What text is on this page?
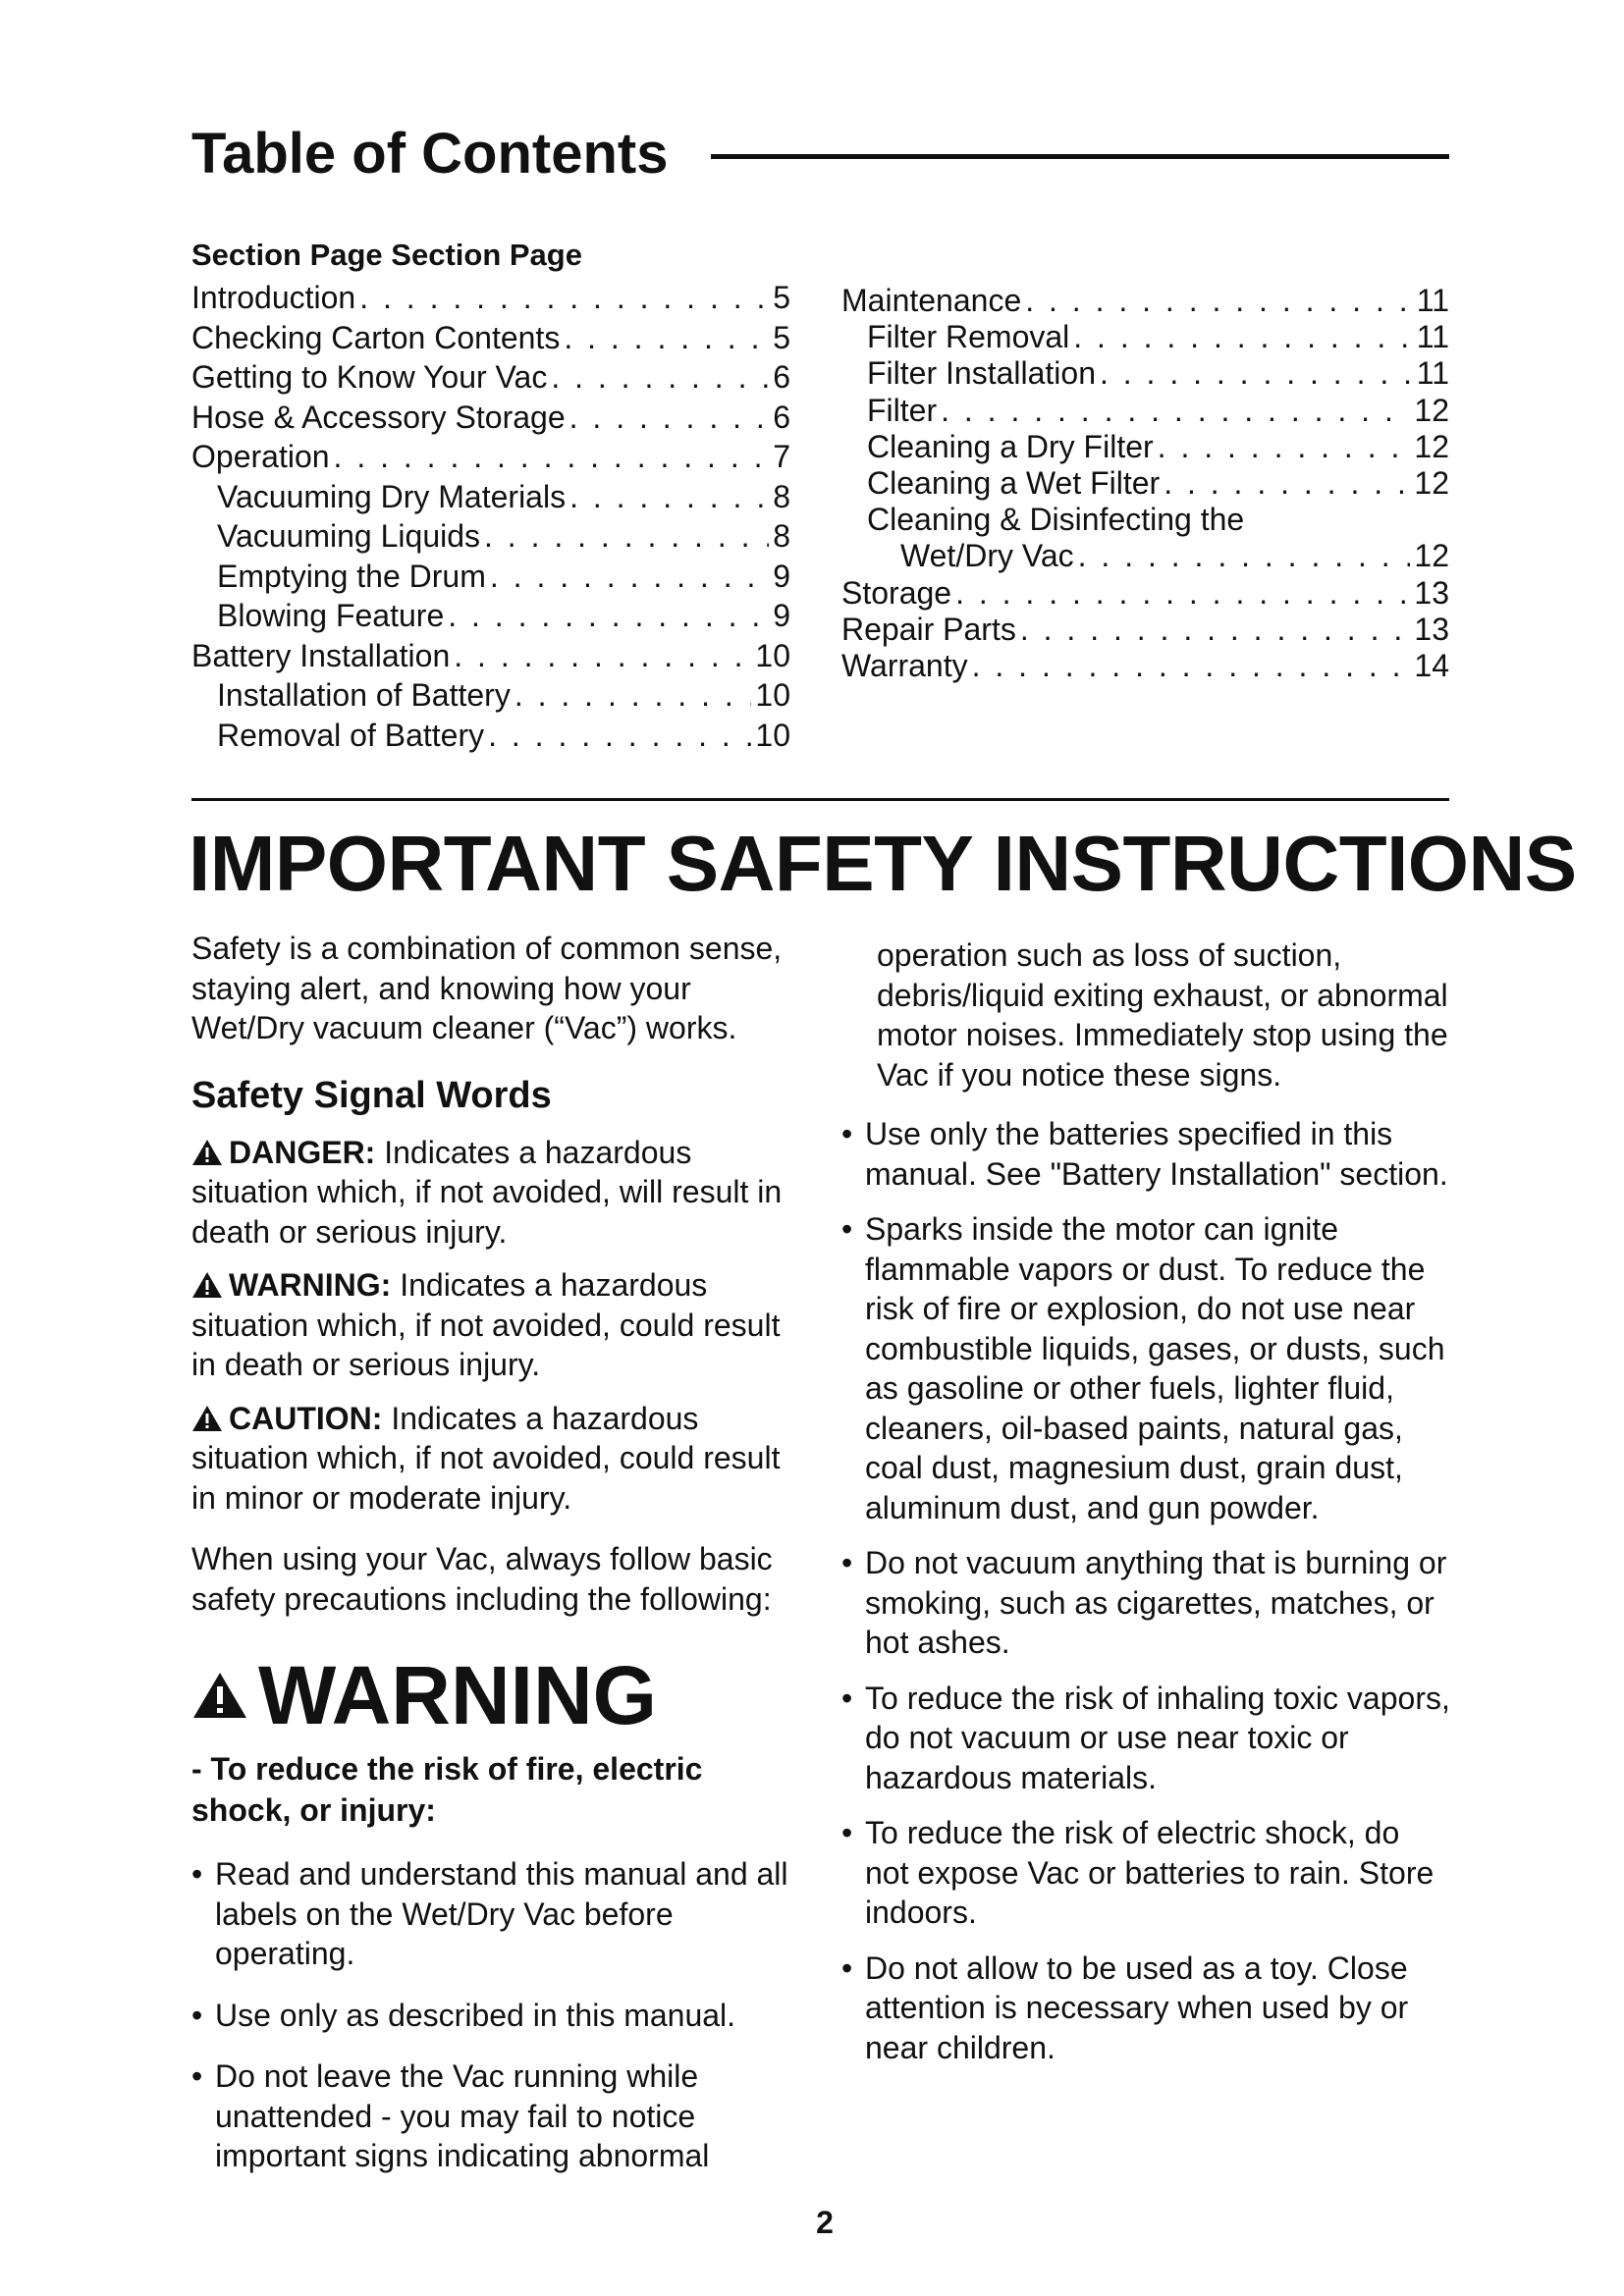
Table of Contents
Section Page Section Page
Introduction . . .	5
Checking Carton Contents . . .	5
Getting to Know Your Vac . . .	6
Hose & Accessory Storage . . .	6
Operation . . .	7
Vacuuming Dry Materials . . .	8
Vacuuming Liquids . . .	8
Emptying the Drum . . .	9
Blowing Feature . . .	9
Battery Installation . . .	10
Installation of Battery . . .	10
Removal of Battery . . .	10
Maintenance . . .	11
Filter Removal . . .	11
Filter Installation . . .	11
Filter . . .	12
Cleaning a Dry Filter . . .	12
Cleaning a Wet Filter . . .	12
Cleaning & Disinfecting the
Wet/Dry Vac . . .	12
Storage . . .	13
Repair Parts . . .	13
Warranty . . .	14
IMPORTANT SAFETY INSTRUCTIONS

Safety is a combination of common sense, staying alert, and knowing how your Wet/Dry vacuum cleaner (“Vac”) works.

Safety Signal Words

DANGER: Indicates a hazardous situation which, if not avoided, will result in death or serious injury.

WARNING: Indicates a hazardous situation which, if not avoided, could result in death or serious injury.

CAUTION: Indicates a hazardous situation which, if not avoided, could result in minor or moderate injury.

When using your Vac, always follow basic safety precautions including the following:

WARNING

- To reduce the risk of fire, electric shock, or injury:

• Read and understand this manual and all labels on the Wet/Dry Vac before operating.

• Use only as described in this manual.

• Do not leave the Vac running while unattended - you may fail to notice important signs indicating abnormal

operation such as loss of suction, debris/liquid exiting exhaust, or abnormal motor noises. Immediately stop using the Vac if you notice these signs.

• Use only the batteries specified in this manual. See "Battery Installation" section.

• Sparks inside the motor can ignite flammable vapors or dust. To reduce the risk of fire or explosion, do not use near combustible liquids, gases, or dusts, such as gasoline or other fuels, lighter fluid, cleaners, oil-based paints, natural gas, coal dust, magnesium dust, grain dust, aluminum dust, and gun powder.

• Do not vacuum anything that is burning or smoking, such as cigarettes, matches, or hot ashes.

• To reduce the risk of inhaling toxic vapors, do not vacuum or use near toxic or hazardous materials.

• To reduce the risk of electric shock, do not expose Vac or batteries to rain. Store indoors.

• Do not allow to be used as a toy. Close attention is necessary when used by or near children.

2
